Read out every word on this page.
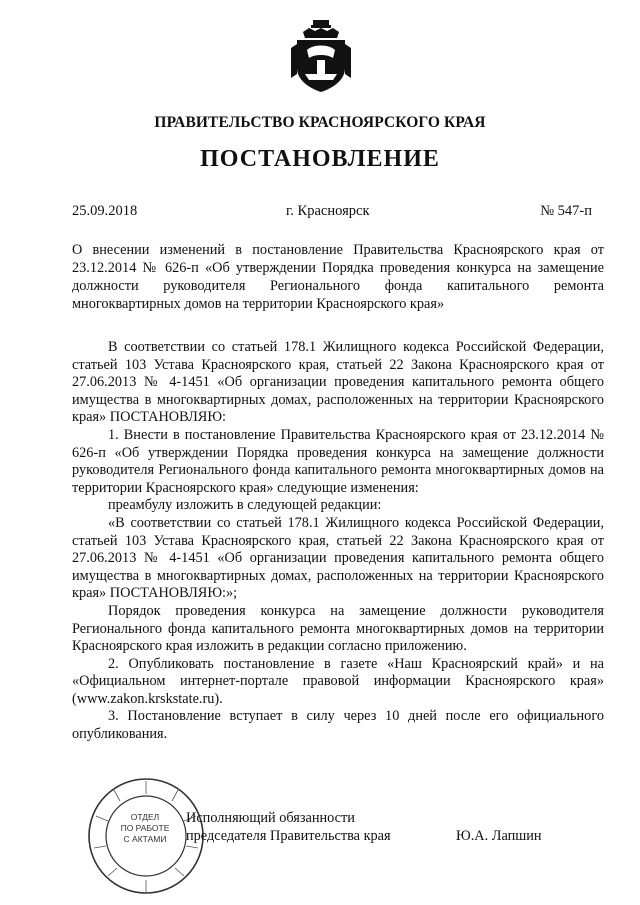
ПРАВИТЕЛЬСТВО КРАСНОЯРСКОГО КРАЯ
ПОСТАНОВЛЕНИЕ
25.09.2018	г. Красноярск	№ 547-п
О внесении изменений в постановление Правительства Красноярского края от 23.12.2014 № 626-п «Об утверждении Порядка проведения конкурса на замещение должности руководителя Регионального фонда капитального ремонта многоквартирных домов на территории Красноярского края»

В соответствии со статьей 178.1 Жилищного кодекса Российской Федерации, статьей 103 Устава Красноярского края, статьей 22 Закона Красноярского края от 27.06.2013 № 4-1451 «Об организации проведения капитального ремонта общего имущества в многоквартирных домах, расположенных на территории Красноярского края» ПОСТАНОВЛЯЮ:

1. Внести в постановление Правительства Красноярского края от 23.12.2014 № 626-п «Об утверждении Порядка проведения конкурса на замещение должности руководителя Регионального фонда капитального ремонта многоквартирных домов на территории Красноярского края» следующие изменения:

преамбулу изложить в следующей редакции:

«В соответствии со статьей 178.1 Жилищного кодекса Российской Федерации, статьей 103 Устава Красноярского края, статьей 22 Закона Красноярского края от 27.06.2013 № 4-1451 «Об организации проведения капитального ремонта общего имущества в многоквартирных домах, расположенных на территории Красноярского края» ПОСТАНОВЛЯЮ:»;

Порядок проведения конкурса на замещение должности руководителя Регионального фонда капитального ремонта многоквартирных домов на территории Красноярского края изложить в редакции согласно приложению.

2. Опубликовать постановление в газете «Наш Красноярский край» и на «Официальном интернет-портале правовой информации Красноярского края» (www.zakon.krskstate.ru).

3. Постановление вступает в силу через 10 дней после его официального опубликования.

ОТДЕЛ
ПО РАБОТЕ
С АКТАМИ
Исполняющий обязанности
председателя Правительства края	Ю.А. Лапшин
